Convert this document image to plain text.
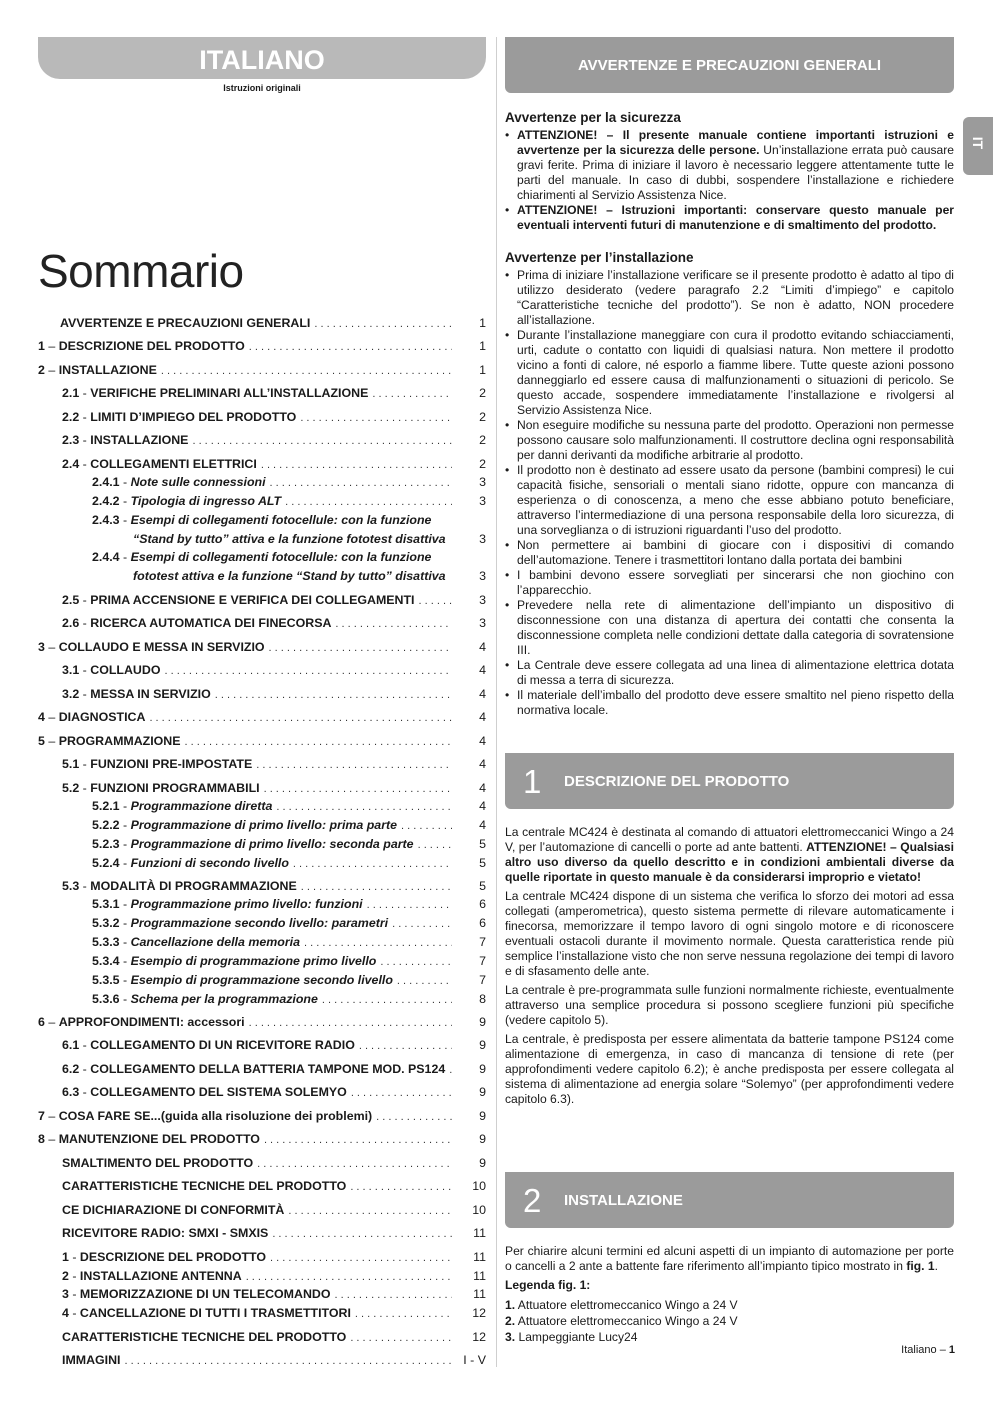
ITALIANO
Istruzioni originali
Sommario
AVVERTENZE E PRECAUZIONI GENERALI . . .	1
1 – DESCRIZIONE DEL PRODOTTO . . .	1
2 – INSTALLAZIONE . . .	1
2.1 - VERIFICHE PRELIMINARI ALL’INSTALLAZIONE . . .	2
2.2 - LIMITI D’IMPIEGO DEL PRODOTTO . . .	2
2.3 - INSTALLAZIONE . . .	2
2.4 - COLLEGAMENTI ELETTRICI . . .	2
2.4.1 - Note sulle connessioni . . .	3
2.4.2 - Tipologia di ingresso ALT . . .	3
2.4.3 - Esempi di collegamenti fotocellule: con la funzione
“Stand by tutto” attiva e la funzione fototest disattiva	3
2.4.4 - Esempi di collegamenti fotocellule: con la funzione
fototest attiva e la funzione “Stand by tutto” disattiva	3
2.5 - PRIMA ACCENSIONE E VERIFICA DEI COLLEGAMENTI . . .	3
2.6 - RICERCA AUTOMATICA DEI FINECORSA . . .	3
3 – COLLAUDO E MESSA IN SERVIZIO . . .	4
3.1 - COLLAUDO . . .	4
3.2 - MESSA IN SERVIZIO . . .	4
4 – DIAGNOSTICA . . .	4
5 – PROGRAMMAZIONE . . .	4
5.1 - FUNZIONI PRE-IMPOSTATE . . .	4
5.2 - FUNZIONI PROGRAMMABILI . . .	4
5.2.1 - Programmazione diretta . . .	4
5.2.2 - Programmazione di primo livello: prima parte . . .	4
5.2.3 - Programmazione di primo livello: seconda parte . . .	5
5.2.4 - Funzioni di secondo livello . . .	5
5.3 - MODALITÀ DI PROGRAMMAZIONE . . .	5
5.3.1 - Programmazione primo livello: funzioni . . .	6
5.3.2 - Programmazione secondo livello: parametri . . .	6
5.3.3 - Cancellazione della memoria . . .	7
5.3.4 - Esempio di programmazione primo livello . . .	7
5.3.5 - Esempio di programmazione secondo livello . . .	7
5.3.6 - Schema per la programmazione . . .	8
6 – APPROFONDIMENTI: accessori . . .	9
6.1 - COLLEGAMENTO DI UN RICEVITORE RADIO . . .	9
6.2 - COLLEGAMENTO DELLA BATTERIA TAMPONE MOD. PS124 . . .	9
6.3 - COLLEGAMENTO DEL SISTEMA SOLEMYO . . .	9
7 – COSA FARE SE...(guida alla risoluzione dei problemi) . . .	9
8 – MANUTENZIONE DEL PRODOTTO . . .	9
SMALTIMENTO DEL PRODOTTO . . .	9
CARATTERISTICHE TECNICHE DEL PRODOTTO . . .	10
CE DICHIARAZIONE DI CONFORMITÀ . . .	10
RICEVITORE RADIO: SMXI - SMXIS . . .	11
1 - DESCRIZIONE DEL PRODOTTO . . .	11
2 - INSTALLAZIONE ANTENNA . . .	11
3 - MEMORIZZAZIONE DI UN TELECOMANDO . . .	11
4 - CANCELLAZIONE DI TUTTI I TRASMETTITORI . . .	12
CARATTERISTICHE TECNICHE DEL PRODOTTO . . .	12
IMMAGINI . . .	I - V
AVVERTENZE E PRECAUZIONI GENERALI
IT
Avvertenze per la sicurezza
• ATTENZIONE! – Il presente manuale contiene importanti istruzioni e avvertenze per la sicurezza delle persone. Un’installazione errata può causare gravi ferite. Prima di iniziare il lavoro è necessario leggere attentamente tutte le parti del manuale. In caso di dubbi, sospendere l’installazione e richiedere chiarimenti al Servizio Assistenza Nice.
• ATTENZIONE! – Istruzioni importanti: conservare questo manuale per eventuali interventi futuri di manutenzione e di smaltimento del prodotto.
Avvertenze per l’installazione
• Prima di iniziare l’installazione verificare se il presente prodotto è adatto al tipo di utilizzo desiderato (vedere paragrafo 2.2 “Limiti d’impiego” e capitolo “Caratteristiche tecniche del prodotto”). Se non è adatto, NON procedere all’istallazione.
• Durante l’installazione maneggiare con cura il prodotto evitando schiacciamenti, urti, cadute o contatto con liquidi di qualsiasi natura. Non mettere il prodotto vicino a fonti di calore, né esporlo a fiamme libere. Tutte queste azioni possono danneggiarlo ed essere causa di malfunzionamenti o situazioni di pericolo. Se questo accade, sospendere immediatamente l’installazione e rivolgersi al Servizio Assistenza Nice.
• Non eseguire modifiche su nessuna parte del prodotto. Operazioni non permesse possono causare solo malfunzionamenti. Il costruttore declina ogni responsabilità per danni derivanti da modifiche arbitrarie al prodotto.
• Il prodotto non è destinato ad essere usato da persone (bambini compresi) le cui capacità fisiche, sensoriali o mentali siano ridotte, oppure con mancanza di esperienza o di conoscenza, a meno che esse abbiano potuto beneficiare, attraverso l’intermediazione di una persona responsabile della loro sicurezza, di una sorveglianza o di istruzioni riguardanti l’uso del prodotto.
• Non permettere ai bambini di giocare con i dispositivi di comando dell’automazione. Tenere i trasmettitori lontano dalla portata dei bambini
• I bambini devono essere sorvegliati per sincerarsi che non giochino con l’apparecchio.
• Prevedere nella rete di alimentazione dell’impianto un dispositivo di disconnessione con una distanza di apertura dei contatti che consenta la disconnessione completa nelle condizioni dettate dalla categoria di sovratensione III.
• La Centrale deve essere collegata ad una linea di alimentazione elettrica dotata di messa a terra di sicurezza.
• Il materiale dell’imballo del prodotto deve essere smaltito nel pieno rispetto della normativa locale.
1 DESCRIZIONE DEL PRODOTTO

La centrale MC424 è destinata al comando di attuatori elettromeccanici Wingo a 24 V, per l’automazione di cancelli o porte ad ante battenti. ATTENZIONE! – Qualsiasi altro uso diverso da quello descritto e in condizioni ambientali diverse da quelle riportate in questo manuale è da considerarsi improprio e vietato!

La centrale MC424 dispone di un sistema che verifica lo sforzo dei motori ad essa collegati (amperometrica), questo sistema permette di rilevare automaticamente i finecorsa, memorizzare il tempo lavoro di ogni singolo motore e di riconoscere eventuali ostacoli durante il movimento normale. Questa caratteristica rende più semplice l’installazione visto che non serve nessuna regolazione dei tempi di lavoro e di sfasamento delle ante.

La centrale è pre-programmata sulle funzioni normalmente richieste, eventualmente attraverso una semplice procedura si possono scegliere funzioni più specifiche (vedere capitolo 5).

La centrale, è predisposta per essere alimentata da batterie tampone PS124 come alimentazione di emergenza, in caso di mancanza di tensione di rete (per approfondimenti vedere capitolo 6.2); è anche predisposta per essere collegata al sistema di alimentazione ad energia solare “Solemyo” (per approfondimenti vedere capitolo 6.3).

2 INSTALLAZIONE

Per chiarire alcuni termini ed alcuni aspetti di un impianto di automazione per porte o cancelli a 2 ante a battente fare riferimento all’impianto tipico mostrato in fig. 1.

Legenda fig. 1:

1. Attuatore elettromeccanico Wingo a 24 V
2. Attuatore elettromeccanico Wingo a 24 V
3. Lampeggiante Lucy24
Italiano – 1
